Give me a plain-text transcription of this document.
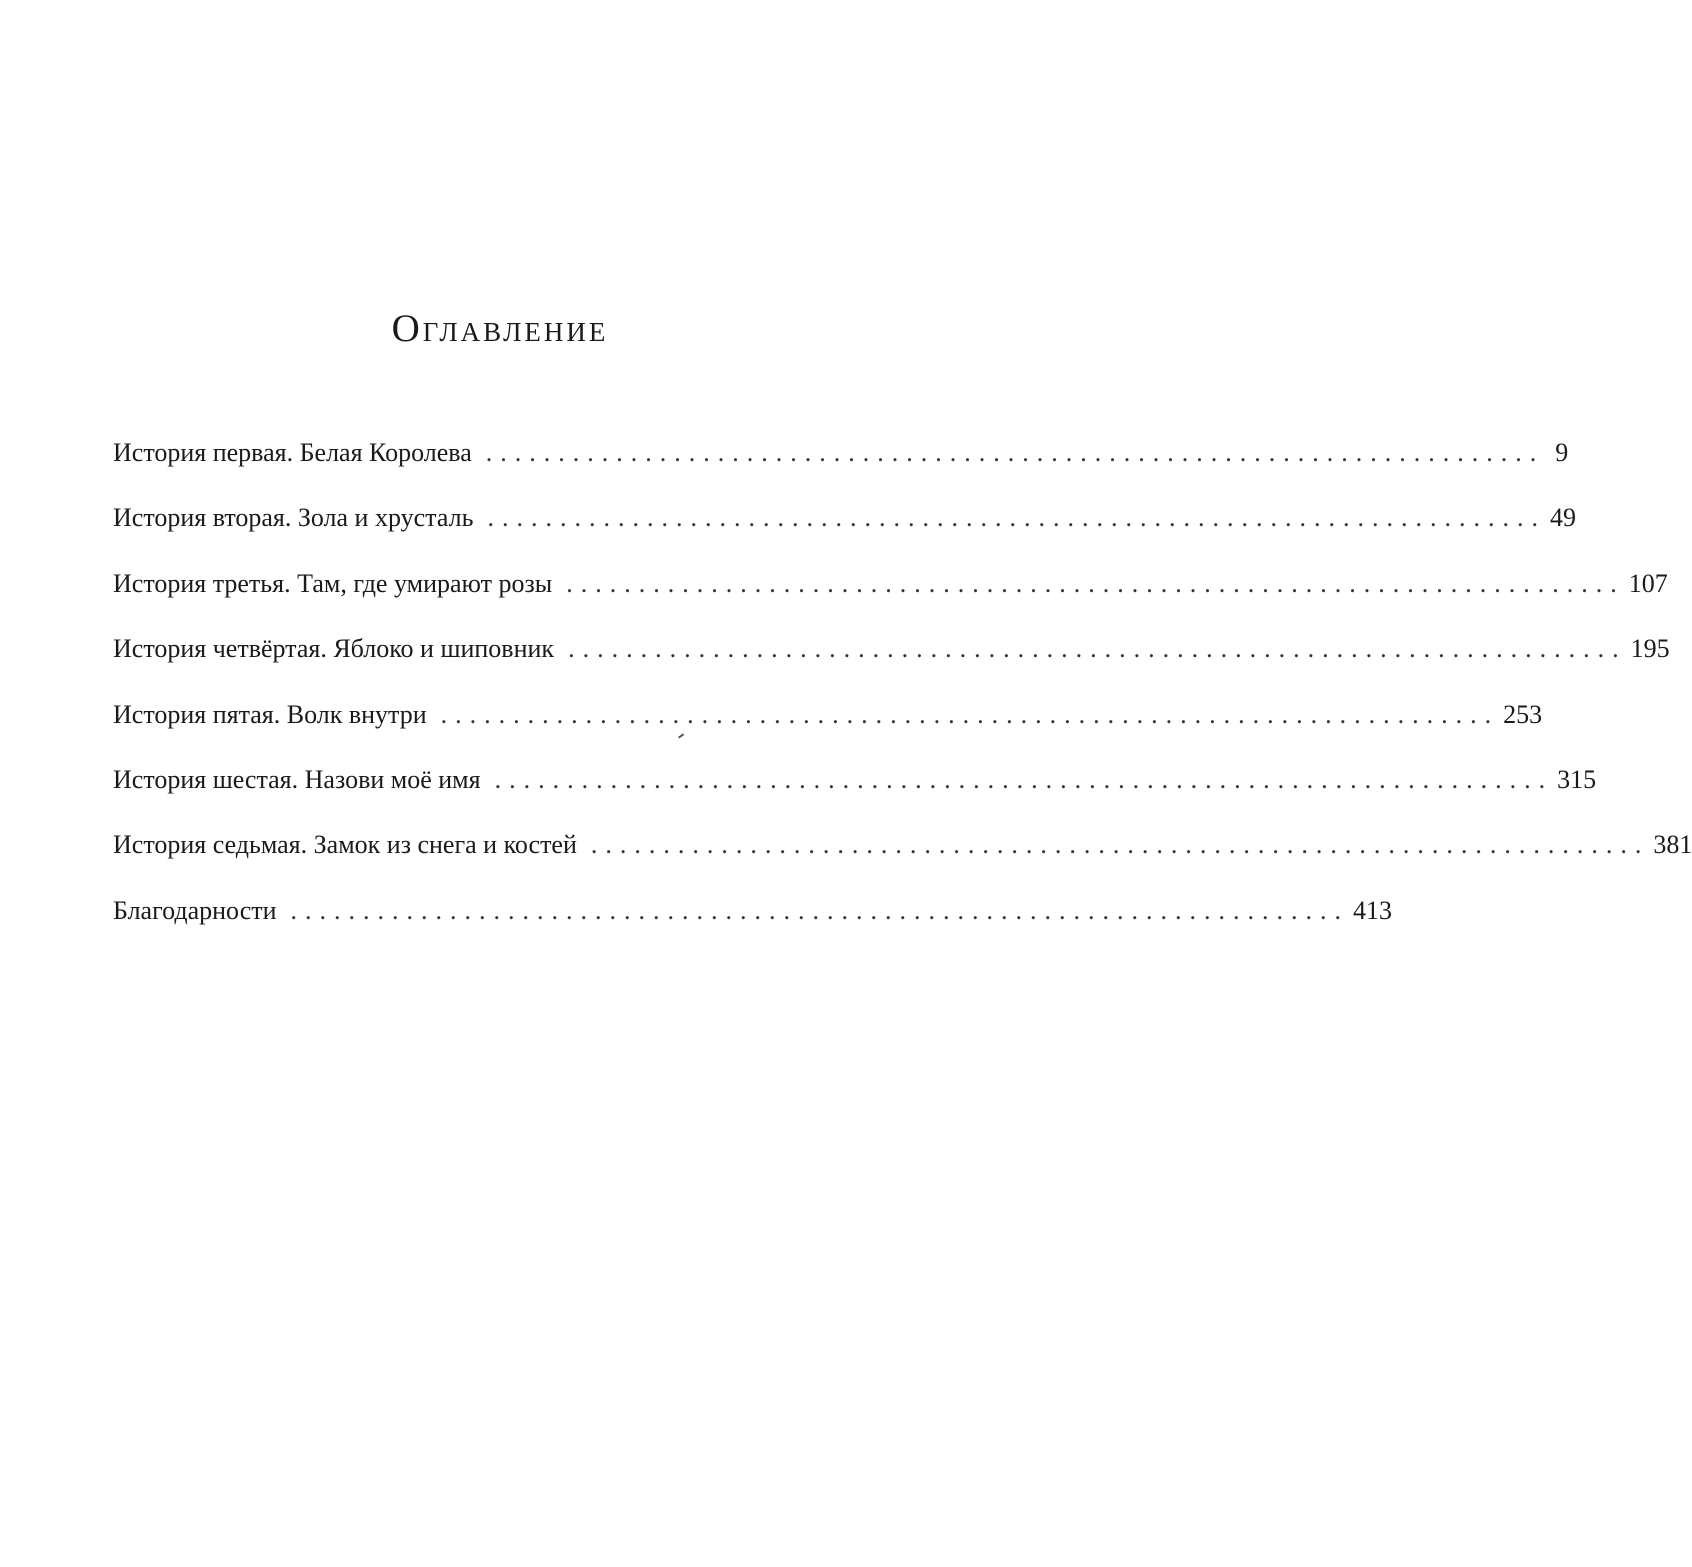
Оглавление
История первая. Белая Королева ......................................................................... 9
История вторая. Зола и хрусталь ......................................................................... 49
История третья. Там, где умирают розы ......................................................................... 107
История четвёртая. Яблоко и шиповник ......................................................................... 195
История пятая. Волк внутри ......................................................................... 253
История шестая. Назови моё имя ......................................................................... 315
История седьмая. Замок из снега и костей ......................................................................... 381
Благодарности ......................................................................... 413
